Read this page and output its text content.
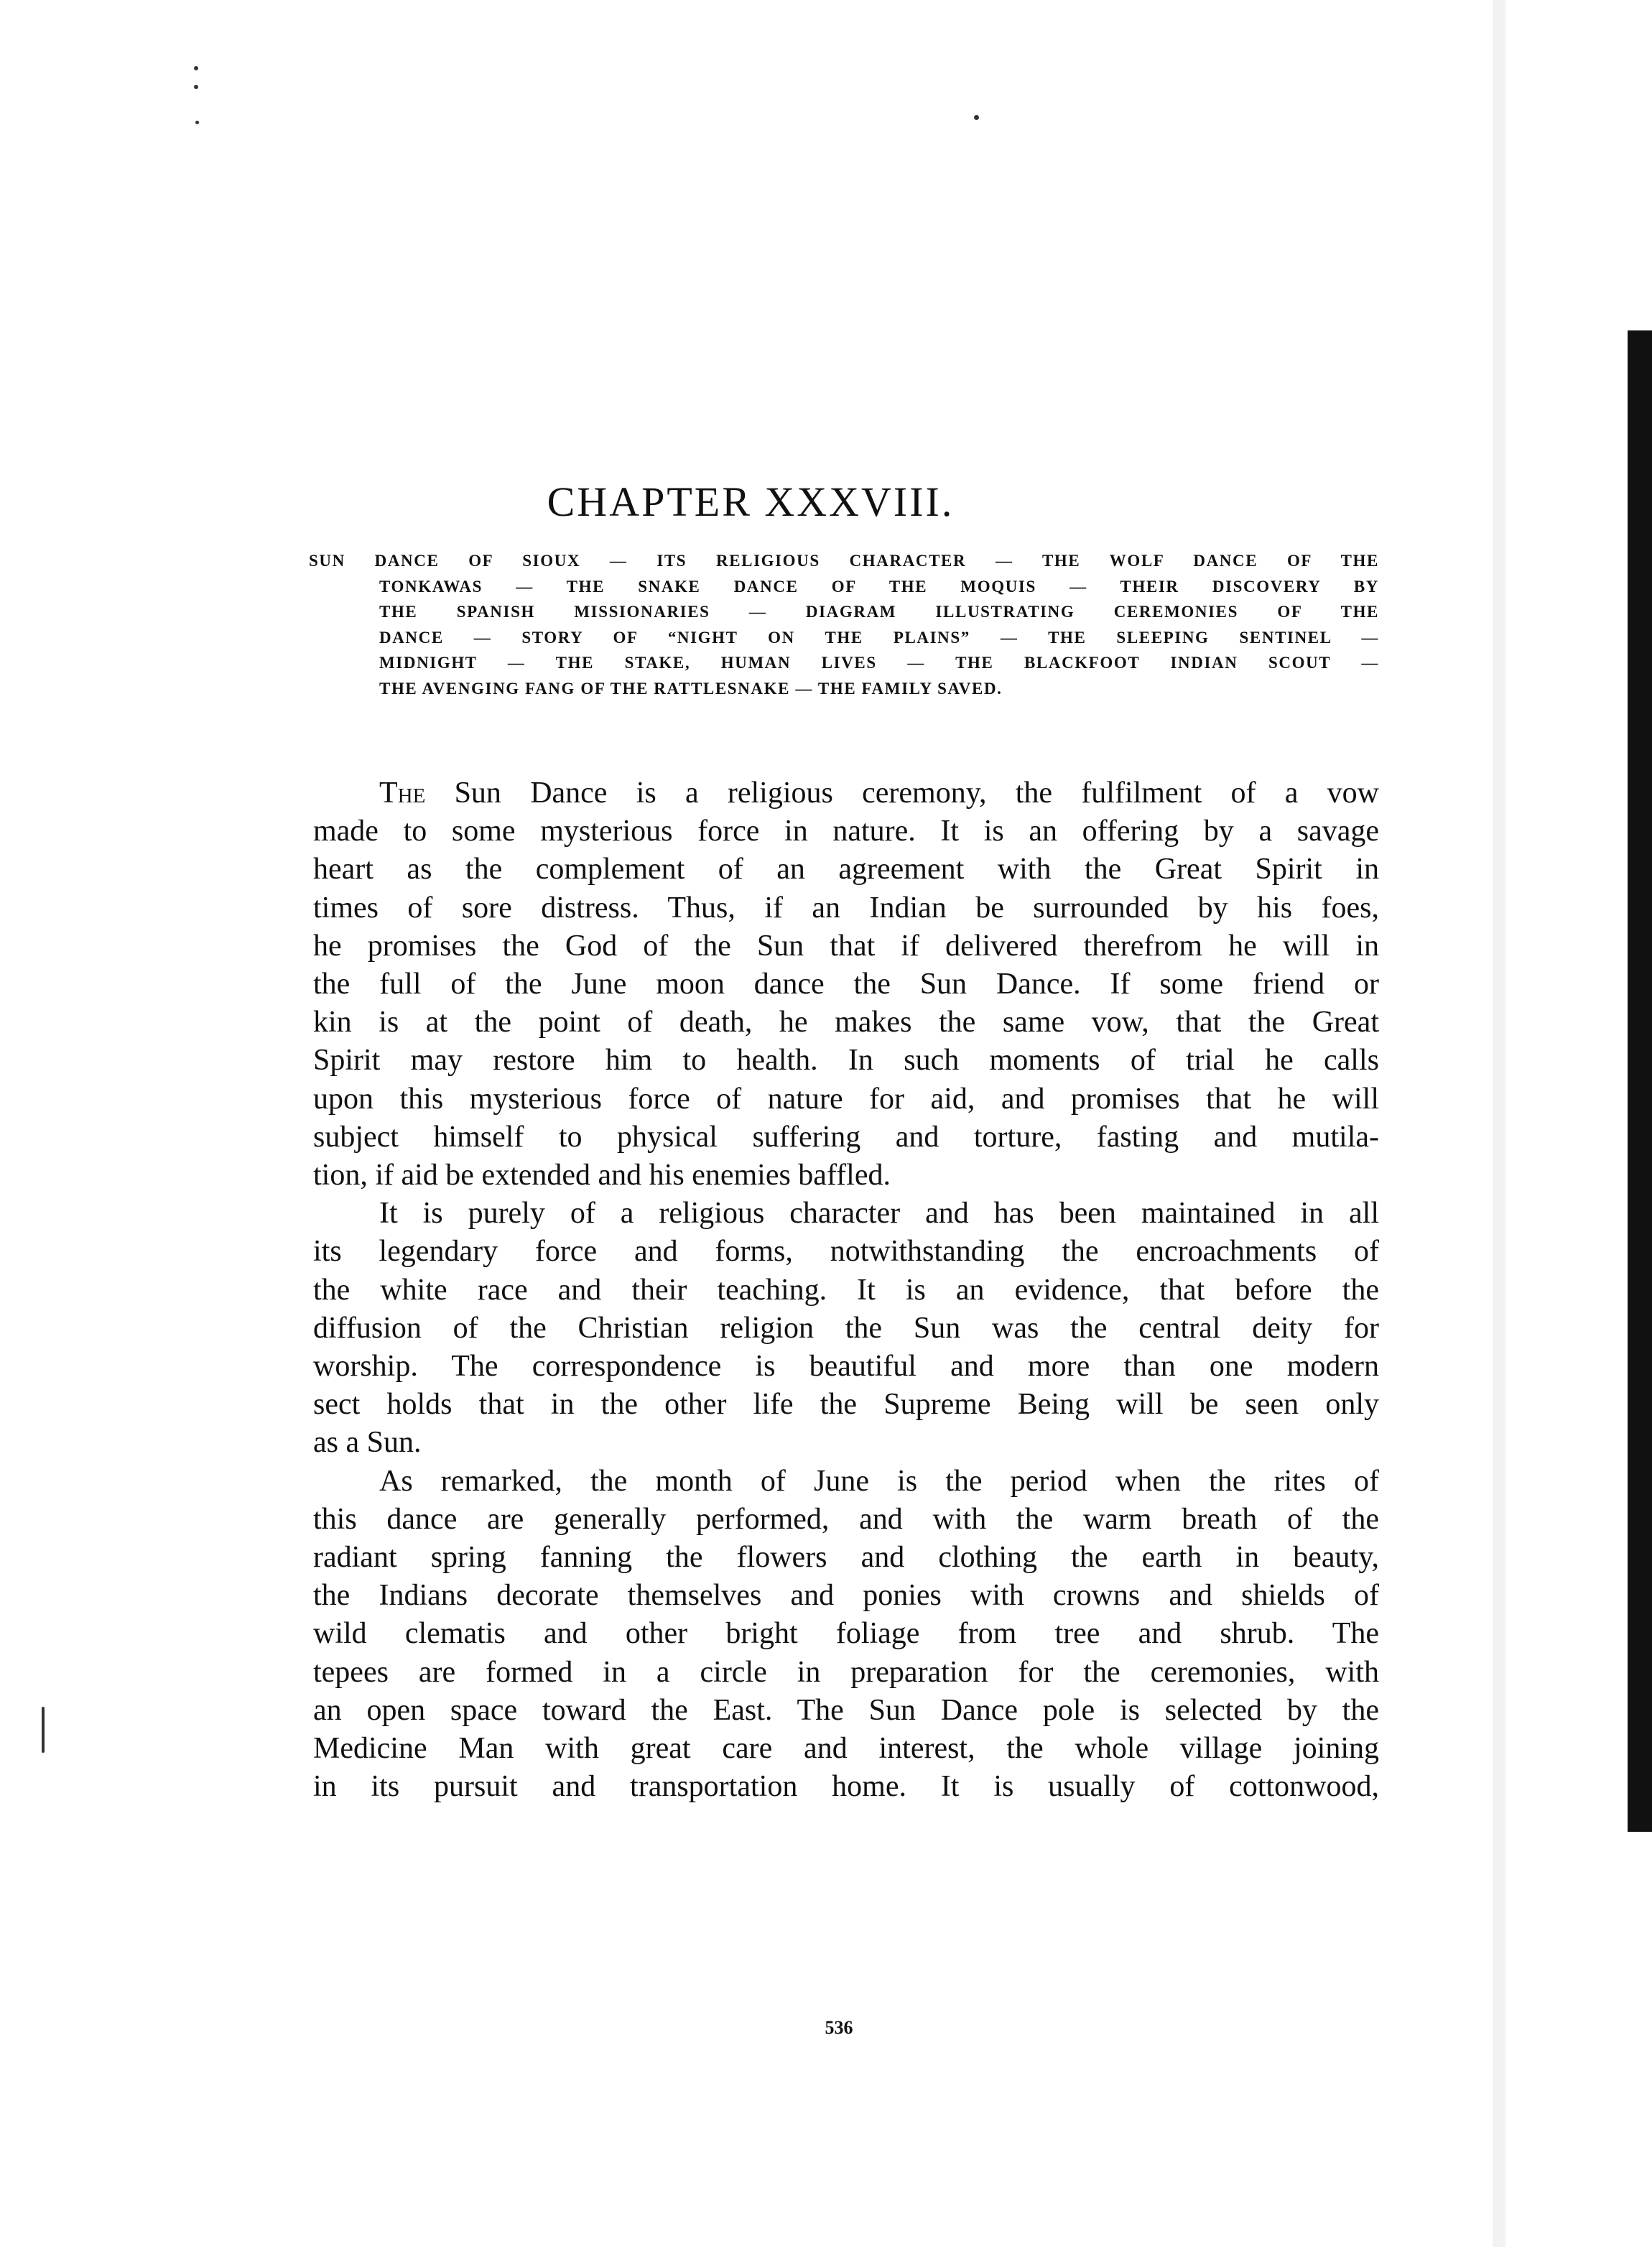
CHAPTER XXXVIII.
SUN DANCE OF SIOUX — ITS RELIGIOUS CHARACTER — THE WOLF DANCE OF THE
TONKAWAS — THE SNAKE DANCE OF THE MOQUIS — THEIR DISCOVERY BY
THE SPANISH MISSIONARIES — DIAGRAM ILLUSTRATING CEREMONIES OF THE
DANCE — STORY OF “NIGHT ON THE PLAINS” — THE SLEEPING SENTINEL —
MIDNIGHT — THE STAKE, HUMAN LIVES — THE BLACKFOOT INDIAN SCOUT —
THE AVENGING FANG OF THE RATTLESNAKE — THE FAMILY SAVED.

The Sun Dance is a religious ceremony, the fulfilment of a vow
made to some mysterious force in nature. It is an offering by a savage
heart as the complement of an agreement with the Great Spirit in
times of sore distress. Thus, if an Indian be surrounded by his foes,
he promises the God of the Sun that if delivered therefrom he will in
the full of the June moon dance the Sun Dance. If some friend or
kin is at the point of death, he makes the same vow, that the Great
Spirit may restore him to health. In such moments of trial he calls
upon this mysterious force of nature for aid, and promises that he will
subject himself to physical suffering and torture, fasting and mutila-
tion, if aid be extended and his enemies baffled.

It is purely of a religious character and has been maintained in all
its legendary force and forms, notwithstanding the encroachments of
the white race and their teaching. It is an evidence, that before the
diffusion of the Christian religion the Sun was the central deity for
worship. The correspondence is beautiful and more than one modern
sect holds that in the other life the Supreme Being will be seen only
as a Sun.

As remarked, the month of June is the period when the rites of
this dance are generally performed, and with the warm breath of the
radiant spring fanning the flowers and clothing the earth in beauty,
the Indians decorate themselves and ponies with crowns and shields of
wild clematis and other bright foliage from tree and shrub. The
tepees are formed in a circle in preparation for the ceremonies, with
an open space toward the East. The Sun Dance pole is selected by the
Medicine Man with great care and interest, the whole village joining
in its pursuit and transportation home. It is usually of cottonwood,

536
